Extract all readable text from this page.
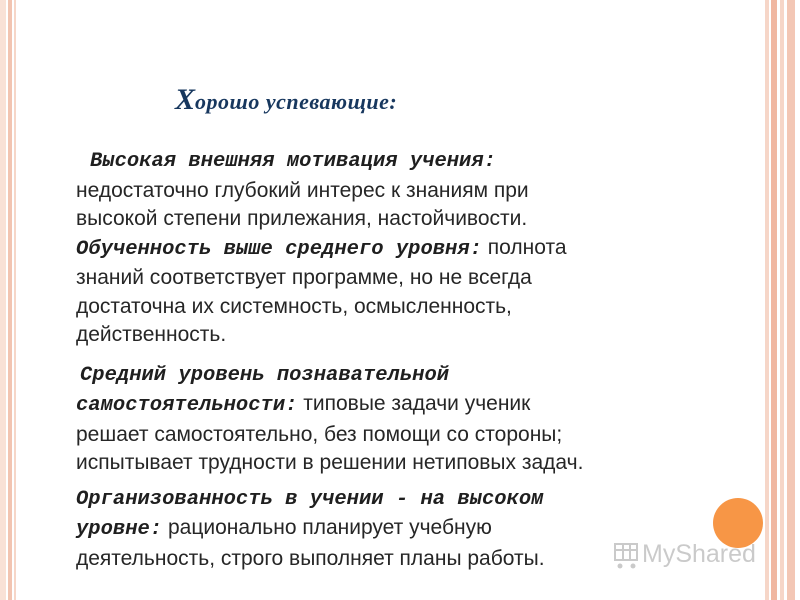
Хорошо успевающие:

Высокая внешняя мотивация учения:
недостаточно глубокий интерес к знаниям при
высокой степени прилежания, настойчивости.
Обученность выше среднего уровня: полнота
знаний соответствует программе, но не всегда
достаточна их системность, осмысленность,
действенность.

Средний уровень познавательной
самостоятельности: типовые задачи ученик
решает самостоятельно, без помощи со стороны;
испытывает трудности в решении нетиповых задач.

Организованность в учении - на высоком
уровне: рационально планирует учебную
деятельность, строго выполняет планы работы.	MyShared
